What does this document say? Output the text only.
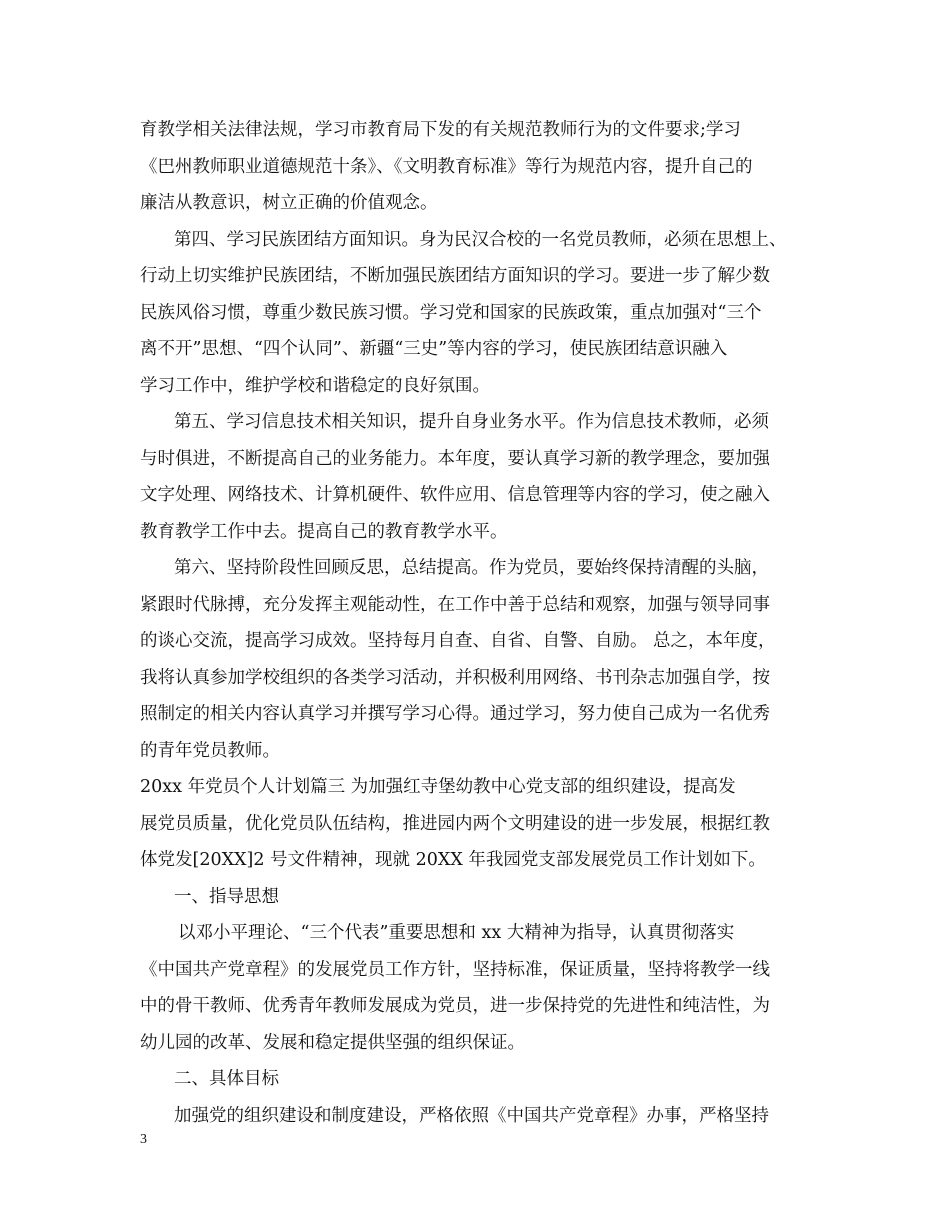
育教学相关法律法规，学习市教育局下发的有关规范教师行为的文件要求;学习
《巴州教师职业道德规范十条》、《文明教育标准》等行为规范内容，提升自己的
廉洁从教意识，树立正确的价值观念。
第四、学习民族团结方面知识。身为民汉合校的一名党员教师，必须在思想上、
行动上切实维护民族团结，不断加强民族团结方面知识的学习。要进一步了解少数
民族风俗习惯，尊重少数民族习惯。学习党和国家的民族政策，重点加强对“三个
离不开”思想、“四个认同”、新疆“三史”等内容的学习，使民族团结意识融入
学习工作中，维护学校和谐稳定的良好氛围。
第五、学习信息技术相关知识，提升自身业务水平。作为信息技术教师，必须
与时俱进，不断提高自己的业务能力。本年度，要认真学习新的教学理念，要加强
文字处理、网络技术、计算机硬件、软件应用、信息管理等内容的学习，使之融入
教育教学工作中去。提高自己的教育教学水平。
第六、坚持阶段性回顾反思，总结提高。作为党员，要始终保持清醒的头脑，
紧跟时代脉搏，充分发挥主观能动性，在工作中善于总结和观察，加强与领导同事
的谈心交流，提高学习成效。坚持每月自查、自省、自警、自励。 总之，本年度，
我将认真参加学校组织的各类学习活动，并积极利用网络、书刊杂志加强自学，按
照制定的相关内容认真学习并撰写学习心得。通过学习，努力使自己成为一名优秀
的青年党员教师。
20xx 年党员个人计划篇三 为加强红寺堡幼教中心党支部的组织建设，提高发
展党员质量，优化党员队伍结构，推进园内两个文明建设的进一步发展，根据红教
体党发[20XX]2 号文件精神，现就 20XX 年我园党支部发展党员工作计划如下。
一、指导思想
以邓小平理论、“三个代表”重要思想和 xx 大精神为指导，认真贯彻落实
《中国共产党章程》的发展党员工作方针，坚持标准，保证质量，坚持将教学一线
中的骨干教师、优秀青年教师发展成为党员，进一步保持党的先进性和纯洁性，为
幼儿园的改革、发展和稳定提供坚强的组织保证。
二、具体目标
加强党的组织建设和制度建设，严格依照《中国共产党章程》办事，严格坚持
3
